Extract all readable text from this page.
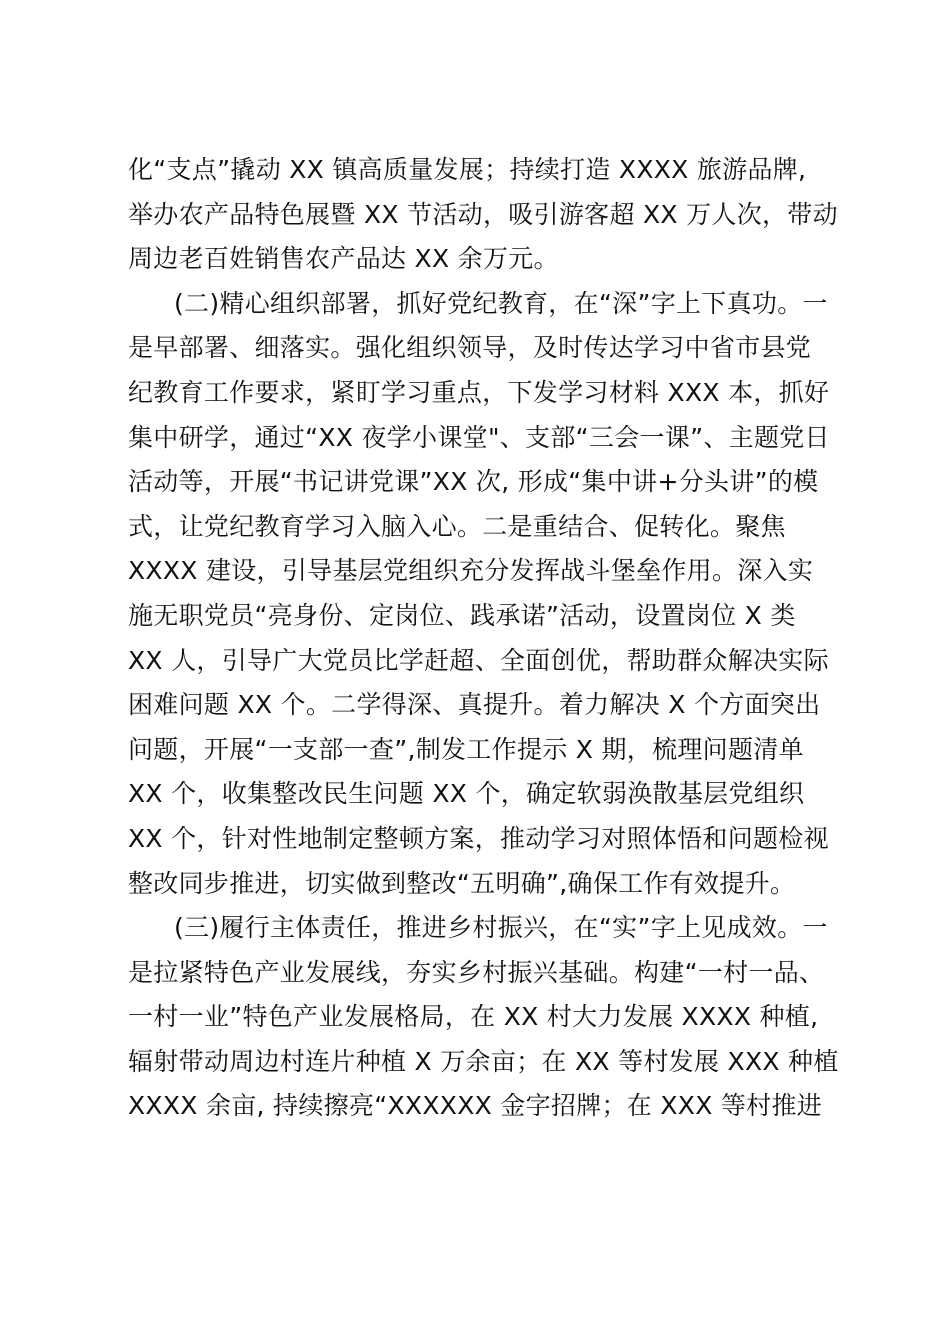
化“支点”撬动 XX 镇高质量发展；持续打造 XXXX 旅游品牌,
举办农产品特色展暨 XX 节活动，吸引游客超 XX 万人次，带动
周边老百姓销售农产品达 XX 余万元。
(二)精心组织部署，抓好党纪教育，在“深”字上下真功。一
是早部署、细落实。强化组织领导，及时传达学习中省市县党
纪教育工作要求，紧盯学习重点，下发学习材料 XXX 本，抓好
集中研学，通过“XX 夜学小课堂"、支部“三会一课”、主题党日
活动等，开展“书记讲党课”XX 次, 形成“集中讲+分头讲”的模
式，让党纪教育学习入脑入心。二是重结合、促转化。聚焦
XXXX 建设，引导基层党组织充分发挥战斗堡垒作用。深入实
施无职党员“亮身份、定岗位、践承诺”活动，设置岗位 X 类
XX 人，引导广大党员比学赶超、全面创优，帮助群众解决实际
困难问题 XX 个。二学得深、真提升。着力解决 X 个方面突出
问题，开展“一支部一查”,制发工作提示 X 期，梳理问题清单
XX 个，收集整改民生问题 XX 个，确定软弱涣散基层党组织
XX 个，针对性地制定整顿方案，推动学习对照体悟和问题检视
整改同步推进，切实做到整改“五明确”,确保工作有效提升。
(三)履行主体责任，推进乡村振兴，在“实”字上见成效。一
是拉紧特色产业发展线，夯实乡村振兴基础。构建“一村一品、
一村一业”特色产业发展格局，在 XX 村大力发展 XXXX 种植,
辐射带动周边村连片种植 X 万余亩；在 XX 等村发展 XXX 种植
XXXX 余亩, 持续擦亮“XXXXXX 金字招牌；在 XXX 等村推进
